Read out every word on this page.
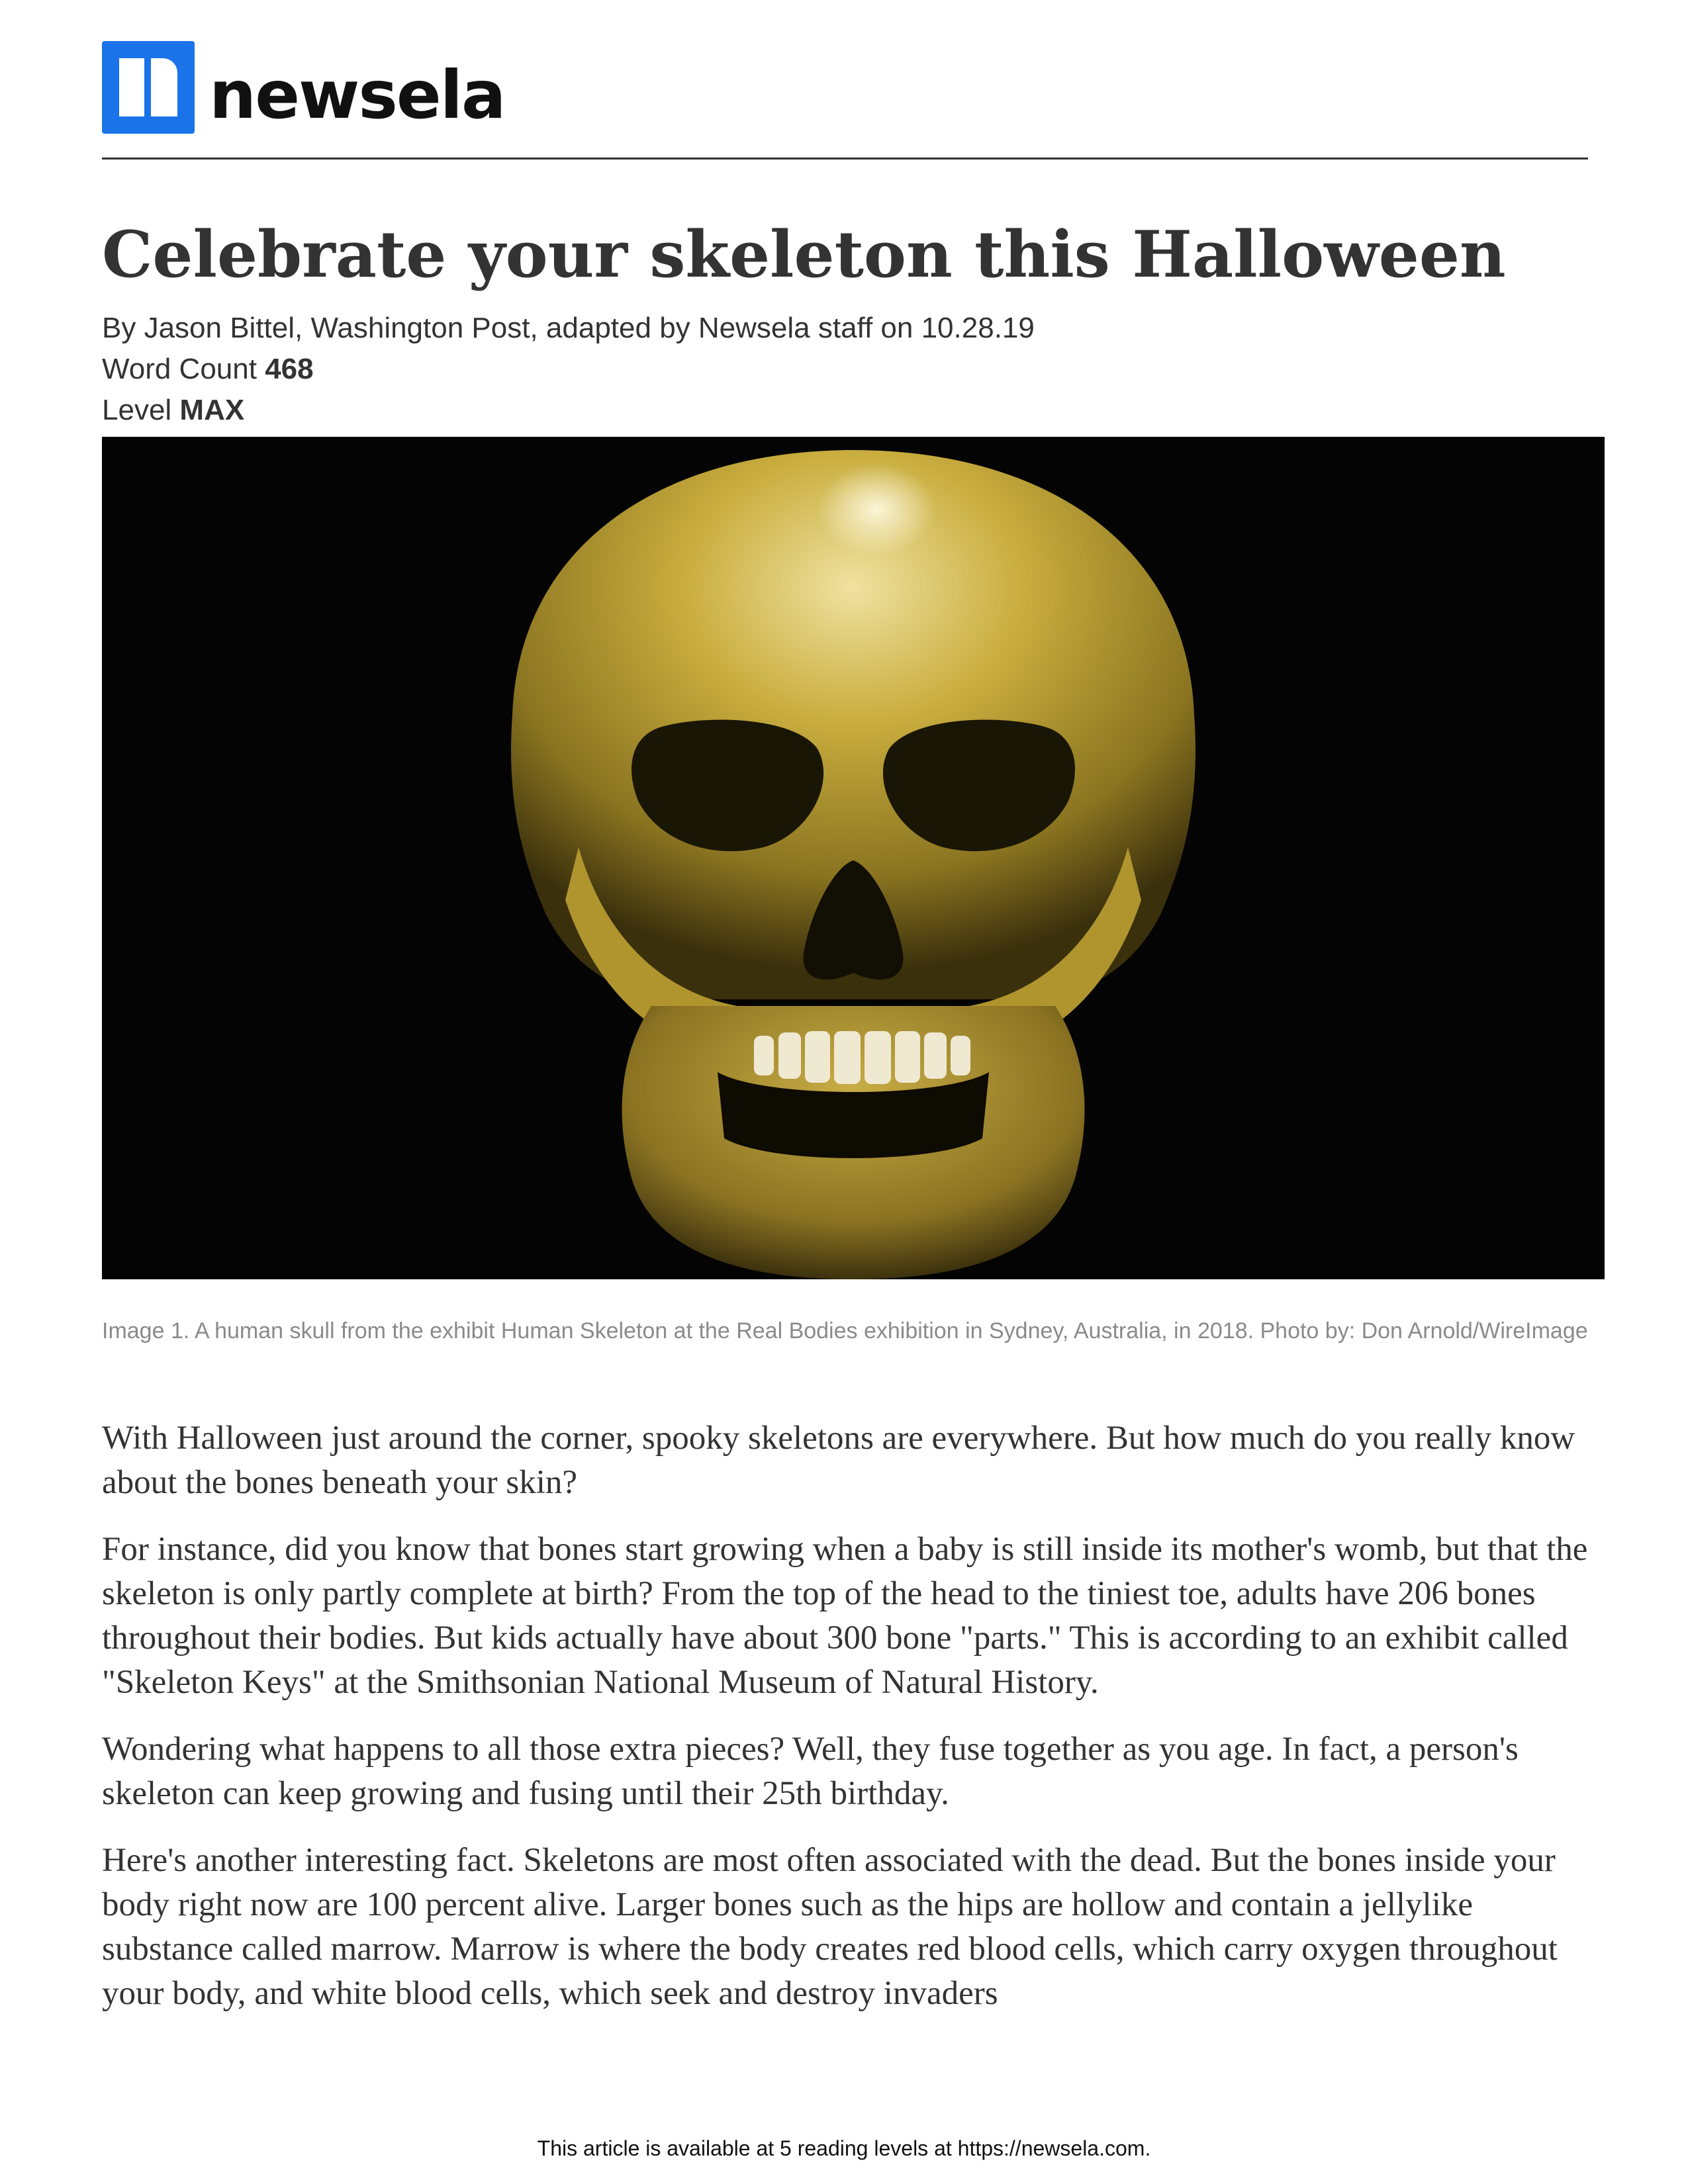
newsela
Celebrate your skeleton this Halloween
By Jason Bittel, Washington Post, adapted by Newsela staff on 10.28.19
Word Count 468
Level MAX
Image 1. A human skull from the exhibit Human Skeleton at the Real Bodies exhibition in Sydney, Australia, in 2018. Photo by: Don Arnold/WireImage

With Halloween just around the corner, spooky skeletons are everywhere. But how much do you really know about the bones beneath your skin?

For instance, did you know that bones start growing when a baby is still inside its mother's womb, but that the skeleton is only partly complete at birth? From the top of the head to the tiniest toe, adults have 206 bones throughout their bodies. But kids actually have about 300 bone "parts." This is according to an exhibit called "Skeleton Keys" at the Smithsonian National Museum of Natural History.

Wondering what happens to all those extra pieces? Well, they fuse together as you age. In fact, a person's skeleton can keep growing and fusing until their 25th birthday.

Here's another interesting fact. Skeletons are most often associated with the dead. But the bones inside your body right now are 100 percent alive. Larger bones such as the hips are hollow and contain a jellylike substance called marrow. Marrow is where the body creates red blood cells, which carry oxygen throughout your body, and white blood cells, which seek and destroy invaders

This article is available at 5 reading levels at https://newsela.com.
